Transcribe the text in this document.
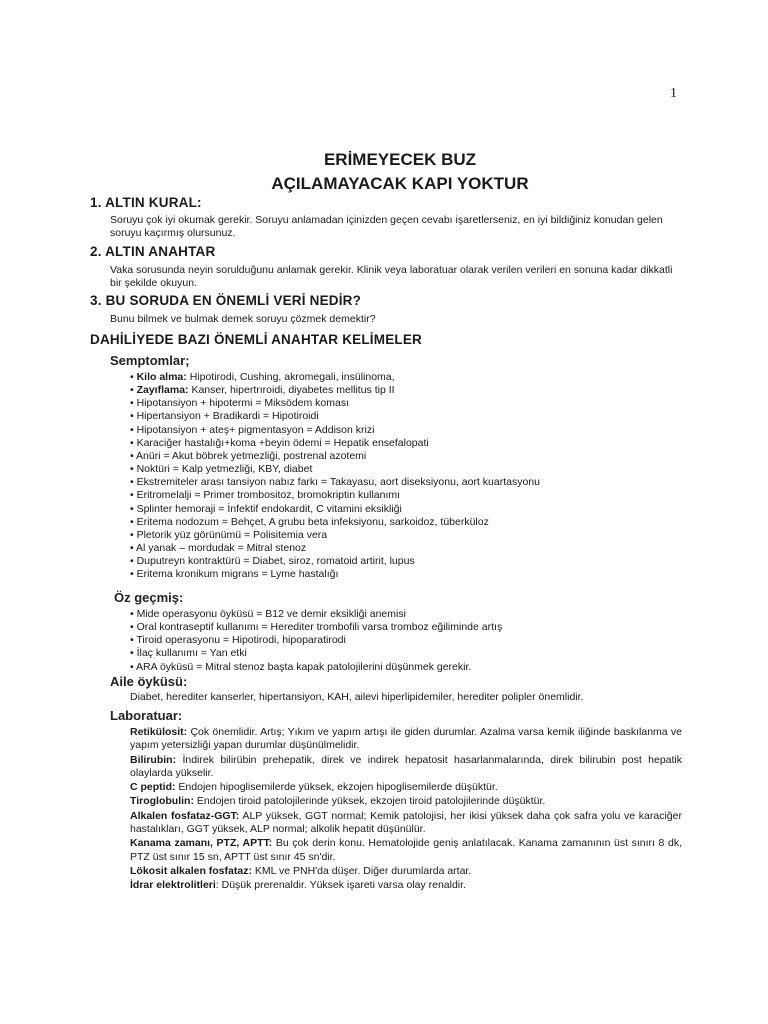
1
ERİMEYECEK BUZ
AÇILAMAYACAK KAPI YOKTUR
1. ALTIN KURAL:
Soruyu çok iyi okumak gerekir. Soruyu anlamadan içinizden geçen cevabı işaretlerseniz, en iyi bildiğiniz konudan gelen soruyu kaçırmış olursunuz.
2. ALTIN ANAHTAR
Vaka sorusunda neyin sorulduğunu anlamak gerekir. Klinik veya laboratuar olarak verilen verileri en sonuna kadar dikkatli bir şekilde okuyun.
3. BU SORUDA EN ÖNEMLİ VERİ NEDİR?
Bunu bilmek ve bulmak demek soruyu çözmek demektir?
DAHİLİYEDE BAZI ÖNEMLİ ANAHTAR KELİMELER
Semptomlar;
• Kilo alma: Hipotirodi, Cushing, akromegali, insülinoma,
• Zayıflama: Kanser, hipertrıroidi, diyabetes mellitus tip II
• Hipotansiyon + hipotermi = Miksödem koması
• Hipertansiyon + Bradikardi = Hipotiroidi
• Hipotansiyon + ateş+ pigmentasyon = Addison krizi
• Karaciğer hastalığı+koma +beyin ödemi = Hepatik ensefalopati
• Anüri = Akut böbrek yetmezliği, postrenal azotemi
• Noktüri = Kalp yetmezliği, KBY, diabet
• Ekstremiteler arası tansiyon nabız farkı = Takayasu, aort diseksiyonu, aort kuartasyonu
• Eritromelalji = Primer trombositoz, bromokriptin kullanımı
• Splinter hemoraji = İnfektif endokardit, C vitamini eksikliği
• Eritema nodozum = Behçet, A grubu beta infeksiyonu, sarkoidoz, tüberküloz
• Pletorik yüz görünümü = Polisitemia vera
• Al yanak – mordudak = Mitral stenoz
• Duputreyn kontraktürü = Diabet, siroz, romatoid artirit, lupus
• Eritema kronikum migrans = Lyme hastalığı
Öz geçmiş:
• Mide operasyonu öyküsü = B12 ve demir eksikliği anemisi
• Oral kontraseptif kullanımı = Herediter trombofili varsa tromboz eğiliminde artış
• Tiroid operasyonu = Hipotirodi, hipoparatirodi
• İlaç kullanımı = Yan etki
• ARA öyküsü = Mitral stenoz başta kapak patolojilerini düşünmek gerekir.
Aile öyküsü:
Diabet, herediter kanserler, hipertansiyon, KAH, ailevi hiperlipidemiler, herediter polipler önemlidir.
Laboratuar:

Retikülosit: Çok önemlidir. Artış; Yıkım ve yapım artışı ile giden durumlar. Azalma varsa kemik iliğinde baskılanma ve yapım yetersizliği yapan durumlar düşünülmelidir.

Bilirubin: İndirek bilirübin prehepatik, direk ve indirek hepatosit hasarlanmalarında, direk bilirubin post hepatik olaylarda yükselir.

C peptid: Endojen hipoglisemilerde yüksek, ekzojen hipoglisemilerde düşüktür.

Tiroglobulin: Endojen tiroid patolojilerinde yüksek, ekzojen tiroid patolojilerinde düşüktür.

Alkalen fosfataz-GGT: ALP yüksek, GGT normal; Kemik patolojisi, her ikisi yüksek daha çok safra yolu ve karaciğer hastalıkları, GGT yüksek, ALP normal; alkolik hepatit düşünülür.

Kanama zamanı, PTZ, APTT: Bu çok derin konu. Hematolojide geniş anlatılacak. Kanama zamanının üst sınırı 8 dk, PTZ üst sınır 15 sn, APTT üst sınır 45 sn'dir.

Lökosit alkalen fosfataz: KML ve PNH'da düşer. Diğer durumlarda artar.

İdrar elektrolitleri: Düşük prerenaldir. Yüksek işareti varsa olay renaldir.
